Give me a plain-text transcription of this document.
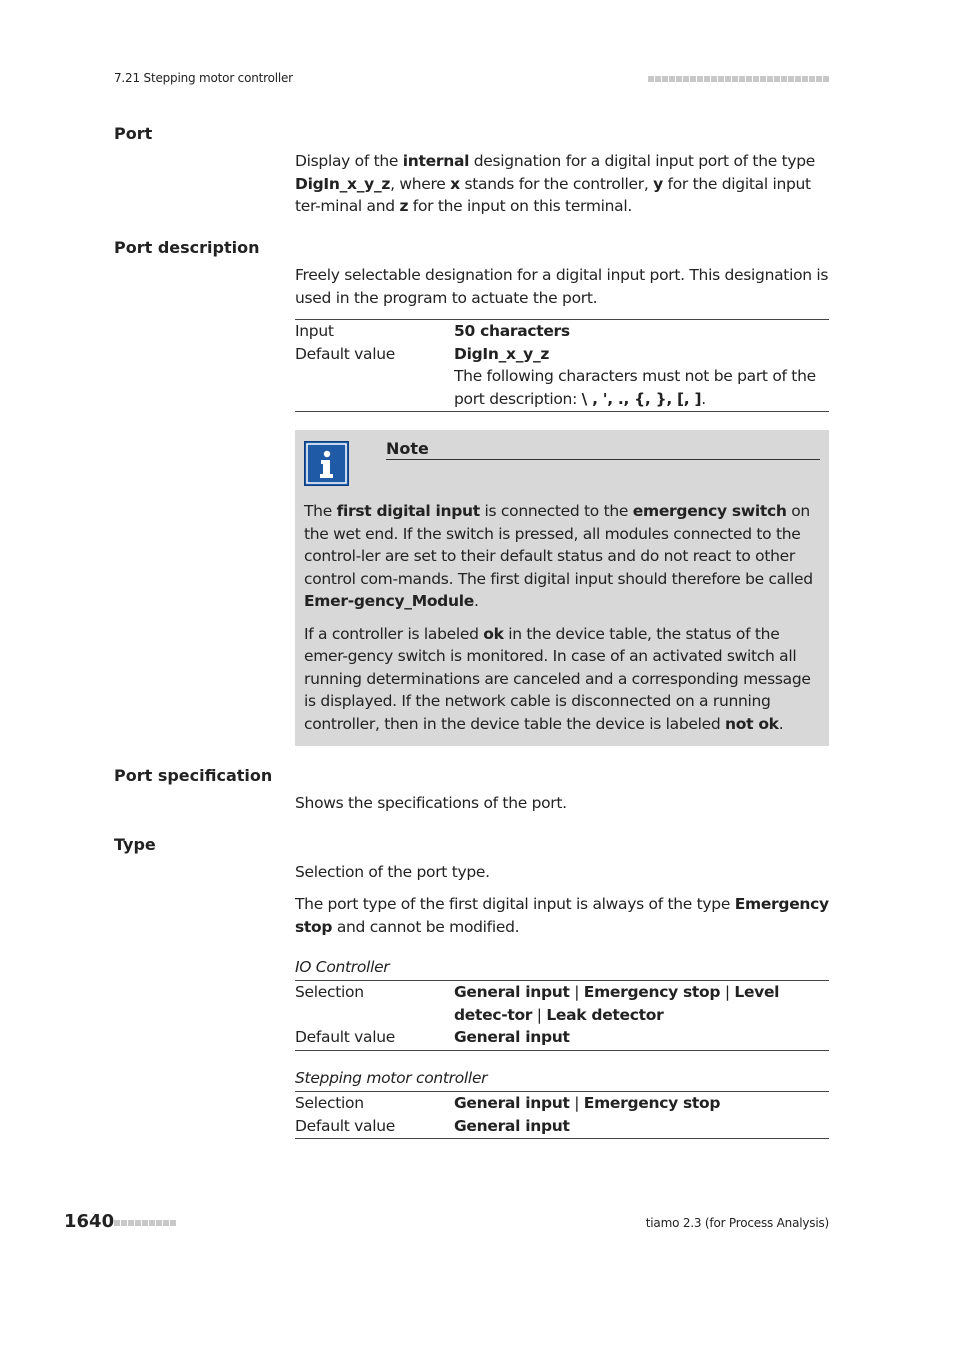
7.21 Stepping motor controller
Port

Display of the internal designation for a digital input port of the type DigIn_x_y_z, where x stands for the controller, y for the digital input ter-minal and z for the input on this terminal.

Port description
Freely selectable designation for a digital input port. This designation is used in the program to actuate the port.
Input	50 characters
Default value	DigIn_x_y_z
The following characters must not be part of the port description: \ , ', ., {, }, [, ].
Note

The first digital input is connected to the emergency switch on the wet end. If the switch is pressed, all modules connected to the control-ler are set to their default status and do not react to other control com-mands. The first digital input should therefore be called Emer-gency_Module.

If a controller is labeled ok in the device table, the status of the emer-gency switch is monitored. In case of an activated switch all running determinations are canceled and a corresponding message is displayed. If the network cable is disconnected on a running controller, then in the device table the device is labeled not ok.

Port specification
Shows the specifications of the port.
Type
Selection of the port type.

The port type of the first digital input is always of the type Emergency stop and cannot be modified.

IO Controller
Selection	General input | Emergency stop | Level detec-tor | Leak detector
Default value	General input
Stepping motor controller
Selection	General input | Emergency stop
Default value	General input
1640	tiamo 2.3 (for Process Analysis)
